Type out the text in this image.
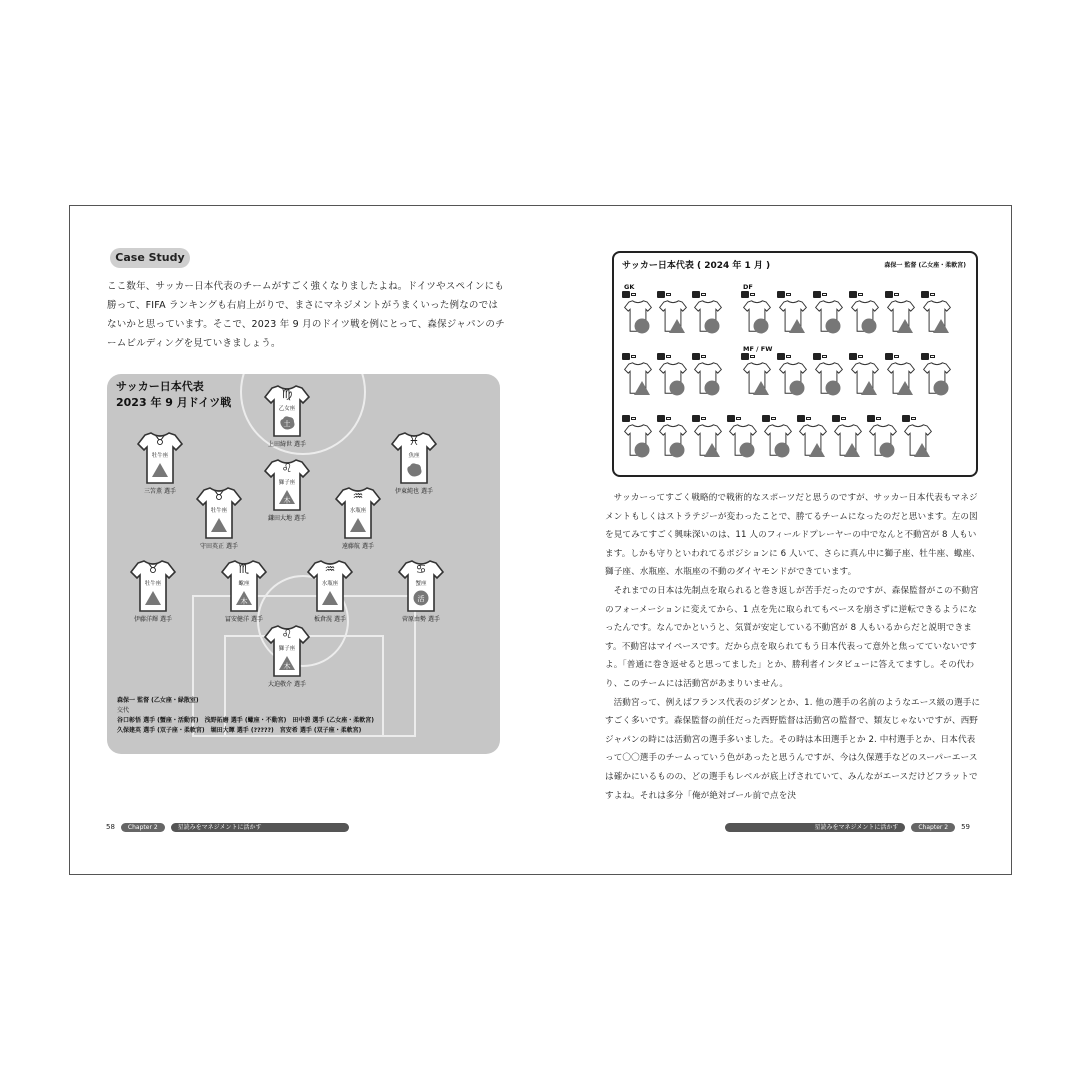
Case Study
ここ数年、サッカー日本代表のチームがすごく強くなりましたよね。ドイツやスペインにも勝って、FIFA ランキングも右肩上がりで、まさにマネジメントがうまくいった例なのではないかと思っています。そこで、2023 年 9 月のドイツ戦を例にとって、森保ジャパンのチームビルディングを見ていきましょう。
サッカー日本代表
2023 年 9 月ドイツ戦
♍
乙女座
土
上田綺世 選手
♉
牡牛座
三笘薫 選手
♓
魚座
伊東純也 選手
♌
獅子座
木
鎌田大地 選手
♉
牡牛座
守田英正 選手
♒
水瓶座
遠藤航 選手
♉
牡牛座
伊藤洋輝 選手
♏
蠍座
木
冨安健洋 選手
♒
水瓶座
板倉滉 選手
♋
蟹座
活
菅原由勢 選手
♌
獅子座
木
大迫敬介 選手
森保一 監督 (乙女座・緑散室)
交代
谷口彰悟 選手 (蟹座・活動宮)　浅野拓磨 選手 (蠍座・不動宮)　田中碧 選手 (乙女座・柔軟宮)
久保建英 選手 (双子座・柔軟宮)　堀田大暉 選手 (?????)　宮安希 選手 (双子座・柔軟宮)
58	Chapter 2	星読みをマネジメントに活かす
サッカー日本代表 ( 2024 年 1 月 )	森保一 監督 (乙女座・柔軟宮)
GK	DF
MF / FW

サッカーってすごく戦略的で戦術的なスポーツだと思うのですが、サッカー日本代表もマネジメントもしくはストラテジーが変わったことで、勝てるチームになったのだと思います。左の図を見てみてすごく興味深いのは、11 人のフィールドプレーヤーの中でなんと不動宮が 8 人もいます。しかも守りといわれてるポジションに 6 人いて、さらに真ん中に獅子座、牡牛座、蠍座、獅子座、水瓶座、水瓶座の不動のダイヤモンドができています。

それまでの日本は先制点を取られると巻き返しが苦手だったのですが、森保監督がこの不動宮のフォーメーションに変えてから、1 点を先に取られてもペースを崩さずに逆転できるようになったんです。なんでかというと、気質が安定している不動宮が 8 人もいるからだと説明できます。不動宮はマイペースです。だから点を取られてもう日本代表って意外と焦ってていないですよ。「普通に巻き返せると思ってました」とか、勝利者インタビューに答えてますし。その代わり、このチームには活動宮があまりいません。

活動宮って、例えばフランス代表のジダンとか、1. 他の選手の名前のようなエース級の選手にすごく多いです。森保監督の前任だった西野監督は活動宮の監督で、類友じゃないですが、西野ジャパンの時には活動宮の選手多いました。その時は本田選手とか 2. 中村選手とか、日本代表って〇〇選手のチームっていう色があったと思うんですが、今は久保選手などのスーパーエースは確かにいるものの、どの選手もレベルが底上げされていて、みんながエースだけどフラットですよね。それは多分「俺が絶対ゴール前で点を決

星読みをマネジメントに活かす	Chapter 2	59
